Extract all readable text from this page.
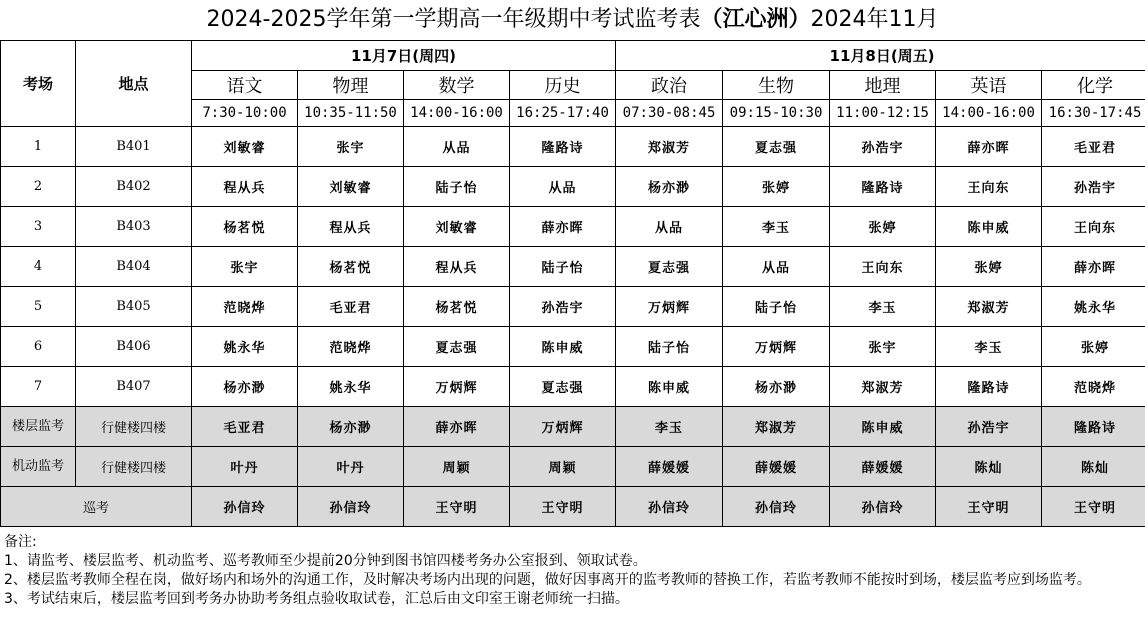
2024-2025学年第一学期高一年级期中考试监考表（江心洲）2024年11月
考场	地点	11月7日(周四)				11月8日(周五)				
		语文	物理	数学	历史	政治	生物	地理	英语	化学
		7:30-10:00	10:35-11:50	14:00-16:00	16:25-17:40	07:30-08:45	09:15-10:30	11:00-12:15	14:00-16:00	16:30-17:45
1	B401	刘敏睿	张宇	从品	隆路诗	郑淑芳	夏志强	孙浩宇	薛亦晖	毛亚君
2	B402	程从兵	刘敏睿	陆子怡	从品	杨亦渺	张婷	隆路诗	王向东	孙浩宇
3	B403	杨茗悦	程从兵	刘敏睿	薛亦晖	从品	李玉	张婷	陈申威	王向东
4	B404	张宇	杨茗悦	程从兵	陆子怡	夏志强	从品	王向东	张婷	薛亦晖
5	B405	范晓烨	毛亚君	杨茗悦	孙浩宇	万炳辉	陆子怡	李玉	郑淑芳	姚永华
6	B406	姚永华	范晓烨	夏志强	陈申威	陆子怡	万炳辉	张宇	李玉	张婷
7	B407	杨亦渺	姚永华	万炳辉	夏志强	陈申威	杨亦渺	郑淑芳	隆路诗	范晓烨
楼层监考	行健楼四楼	毛亚君	杨亦渺	薛亦晖	万炳辉	李玉	郑淑芳	陈申威	孙浩宇	隆路诗
机动监考	行健楼四楼	叶丹	叶丹	周颖	周颖	薛媛媛	薛媛媛	薛媛媛	陈灿	陈灿
巡考		孙信玲	孙信玲	王守明	王守明	孙信玲	孙信玲	孙信玲	王守明	王守明
备注:
1、请监考、楼层监考、机动监考、巡考教师至少提前20分钟到图书馆四楼考务办公室报到、领取试卷。
2、楼层监考教师全程在岗，做好场内和场外的沟通工作，及时解决考场内出现的问题，做好因事离开的监考教师的替换工作，若监考教师不能按时到场，楼层监考应到场监考。
3、考试结束后，楼层监考回到考务办协助考务组点验收取试卷，汇总后由文印室王谢老师统一扫描。
